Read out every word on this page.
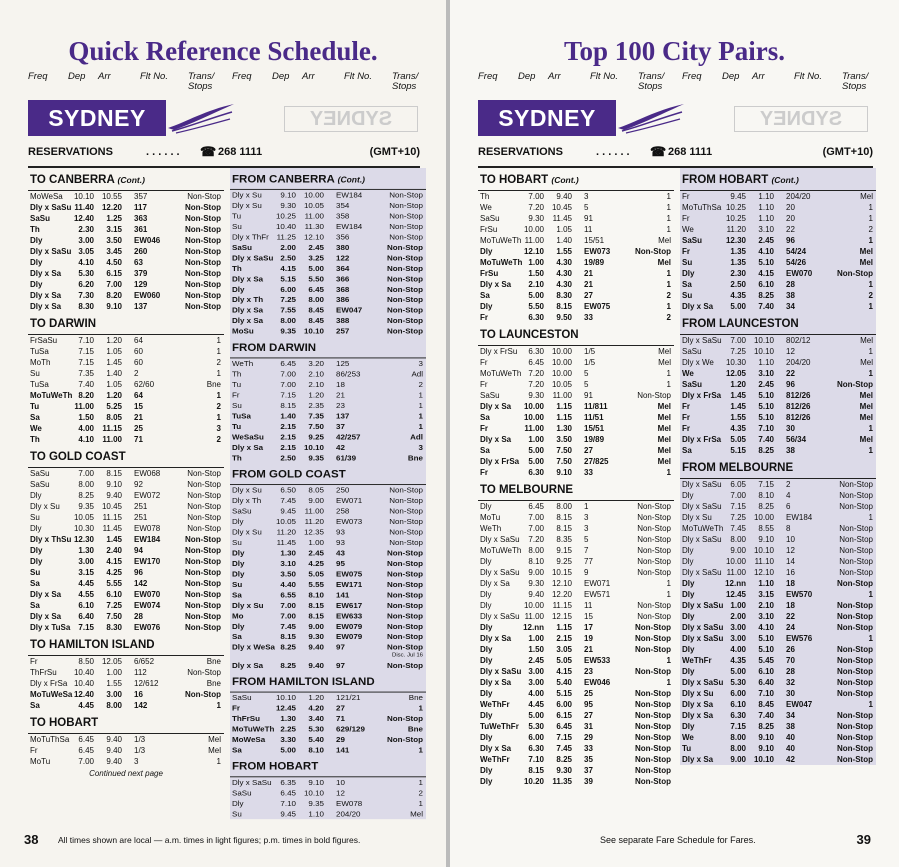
Quick Reference Schedule.
Freq Dep Arr	Flt No. Trans/ Stops
Freq Dep Arr	Flt No. Trans/ Stops
SYDNEY	SYDNEY
RESERVATIONS	. . . . . . ☎ 268 1111	(GMT+10)
TO CANBERRA (Cont.)
MoWeSa 10.10 10.55 357	Non-Stop
Dly x SaSu 11.40 12.20 117	Non-Stop
SaSu	12.40	1.25 363	Non-Stop
Th	2.30	3.15 361	Non-Stop
Dly	3.00	3.50 EW046	Non-Stop
Dly x SaSu 3.05	3.45 260	Non-Stop
Dly	4.10	4.50 63	Non-Stop
Dly x Sa	5.30	6.15 379	Non-Stop
Dly	6.20	7.00 129	Non-Stop
Dly x Sa	7.30	8.20 EW060	Non-Stop
Dly x Sa	8.30	9.10 137	Non-Stop
TO DARWIN
FrSaSu	7.10	1.20 64	1
TuSa	7.15	1.05 60	1
MoTh	7.15	1.45 60	2
Su	7.35	1.40 2	1
TuSa	7.40	1.05 62/60	Bne
MoTuWeTh 8.20	1.20 64	1
Tu	11.00	5.25 15	2
Sa	1.50	8.05 21	1
We	4.00	11.15 25	3
Th	4.10	11.00 71	2
TO GOLD COAST
SaSu	7.00	8.15 EW068	Non-Stop
SaSu	8.00	9.10 92	Non-Stop
Dly	8.25	9.40 EW072	Non-Stop
Dly x Su	9.35 10.45 251	Non-Stop
Su	10.05	11.15 251	Non-Stop
Dly	10.30	11.45 EW078	Non-Stop
Dly x ThSu 12.30	1.45 EW184	Non-Stop
Dly	1.30	2.40 94	Non-Stop
Dly	3.00	4.15 EW170	Non-Stop
Su	3.15	4.25 96	Non-Stop
Sa	4.45	5.55 142	Non-Stop
Dly x Sa	4.55	6.10 EW070	Non-Stop
Sa	6.10	7.25 EW074	Non-Stop
Dly x Sa	6.40	7.50 28	Non-Stop
Dly x TuSa	7.15	8.30 EW076	Non-Stop
TO HAMILTON ISLAND
Fr	8.50 12.05 6/652	Bne
ThFrSu 10.40	1.00 112	Non-Stop
Dly x FrSa 10.40	1.55 12/612	Bne
MoTuWeSa 12.40	3.00 16	Non-Stop
Sa	4.45	8.00 142	1
TO HOBART
MoTuThSa	6.45	9.40 1/3	Mel
Fr	6.45	9.40 1/3	Mel
MoTu	7.00	9.40 3	1
Continued next page
FROM CANBERRA (Cont.)
Dly x Su	9.10 10.00 EW184	Non-Stop
Dly x Su	9.30 10.05 354	Non-Stop
Tu	10.25	11.00 358	Non-Stop
Su	10.40	11.30 EW184	Non-Stop
Dly x ThFr 11.25 12.10 356	Non-Stop
SaSu	2.00	2.45 380	Non-Stop
Dly x SaSu 2.50	3.25 122	Non-Stop
Th	4.15	5.00 364	Non-Stop
Dly x Sa	5.15	5.50 366	Non-Stop
Dly	6.00	6.45 368	Non-Stop
Dly x Th	7.25	8.00 386	Non-Stop
Dly x Sa	7.55	8.45 EW047	Non-Stop
Dly x Sa	8.00	8.45 388	Non-Stop
MoSu	9.35 10.10 257	Non-Stop
FROM DARWIN
WeTh	6.45	3.20 125	3
Th	7.00	2.10 86/253	Adl
Tu	7.00	2.10 18	2
Fr	7.15	1.20 21	1
Su	8.15	2.35 23	1
TuSa	1.40	7.35 137	1
Tu	2.15	7.50 37	1
WeSaSu	2.15	9.25 42/257	Adl
Dly x Sa	2.15 10.10 42	3
Th	2.50	9.35 61/39	Bne
FROM GOLD COAST
Dly x Su	6.50	8.05 250	Non-Stop
Dly x Th	7.45	9.00 EW071	Non-Stop
SaSu	9.45	11.00 258	Non-Stop
Dly	10.05	11.20 EW073	Non-Stop
Dly x Su	11.20 12.35 93	Non-Stop
Su	11.45	1.00 93	Non-Stop
Dly	1.30	2.45 43	Non-Stop
Dly	3.10	4.25 95	Non-Stop
Dly	3.50	5.05 EW075	Non-Stop
Su	4.40	5.55 EW171	Non-Stop
Sa	6.55	8.10 141	Non-Stop
Dly x Su	7.00	8.15 EW617	Non-Stop
Mo	7.00	8.15 EW633	Non-Stop
Dly	7.45	9.00 EW079	Non-Stop
Sa	8.15	9.30 EW079	Non-Stop
Dly x WeSa 8.25	9.40 97	Non-Stop
Disc. Jul 16
Dly x Sa	8.25	9.40 97	Non-Stop
FROM HAMILTON ISLAND
SaSu	10.10	1.20 121/21	Bne
Fr	12.45	4.20 27	1
ThFrSu	1.30	3.40 71	Non-Stop
MoTuWeTh 2.25	5.30 629/129	Bne
MoWeSa	3.30	5.40 29	Non-Stop
Sa	5.00	8.10 141	1
FROM HOBART
Dly x SaSu	6.35	9.10 10	1
SaSu	6.45 10.10 12	2
Dly	7.10	9.35 EW078	1
Su	9.45	1.10 204/20	Mel
38 All times shown are local — a.m. times in light figures; p.m. times in bold figures.
Top 100 City Pairs.
Freq Dep Arr	Flt No. Trans/ Stops
Freq Dep Arr	Flt No. Trans/ Stops
SYDNEY	SYDNEY
RESERVATIONS	. . . . . . ☎ 268 1111	(GMT+10)
TO HOBART (Cont.)
Th	7.00	9.40 3	1
We	7.20 10.45 5	1
SaSu	9.30	11.45 91	1
FrSu	10.00	1.05 11	1
MoTuWeTh 11.00	1.40 15/51	Mel
Dly	12.10	1.55 EW073	Non-Stop
MoTuWeTh 1.00	4.30 19/89	Mel
FrSu	1.50	4.30 21	1
Dly x Sa	2.10	4.30 21	1
Sa	5.00	8.30 27	2
Dly	5.50	8.15 EW075	1
Fr	6.30	9.50 33	2
TO LAUNCESTON
Dly x FrSu	6.30 10.00 1/5	Mel
Fr	6.45 10.00 1/5	Mel
MoTuWeTh 7.20 10.00 5	1
Fr	7.20 10.05 5	1
SaSu	9.30	11.00 91	Non-Stop
Dly x Sa 10.00	1.15 11/811	Mel
Sa	10.00	1.15 11/51	Mel
Fr	11.00	1.30 15/51	Mel
Dly x Sa	1.00	3.50 19/89	Mel
Sa	5.00	7.50 27	Mel
Dly x FrSa	5.00	7.50 27/825	Mel
Fr	6.30	9.10 33	1
TO MELBOURNE
Dly	6.45	8.00 1	Non-Stop
MoTu	7.00	8.15 3	Non-Stop
WeTh	7.00	8.15 3	Non-Stop
Dly x SaSu	7.20	8.35 5	Non-Stop
MoTuWeTh 8.00	9.15 7	Non-Stop
Dly	8.10	9.25 77	Non-Stop
Dly x SaSu	9.00 10.15 9	Non-Stop
Dly x Sa	9.30 12.10 EW071	1
Dly	9.40 12.20 EW571	1
Dly	10.00	11.15 11	Non-Stop
Dly x SaSu 11.00 12.15 15	Non-Stop
Dly	12.nn	1.15 17	Non-Stop
Dly x Sa	1.00	2.15 19	Non-Stop
Dly	1.50	3.05 21	Non-Stop
Dly	2.45	5.05 EW533	1
Dly x SaSu 3.00	4.15 23	Non-Stop
Dly x Sa	3.00	5.40 EW046	1
Dly	4.00	5.15 25	Non-Stop
WeThFr	4.45	6.00 95	Non-Stop
Dly	5.00	6.15 27	Non-Stop
TuWeThFr	5.30	6.45 31	Non-Stop
Dly	6.00	7.15 29	Non-Stop
Dly x Sa	6.30	7.45 33	Non-Stop
WeThFr	7.10	8.25 35	Non-Stop
Dly	8.15	9.30 37	Non-Stop
Dly	10.20	11.35 39	Non-Stop
FROM HOBART (Cont.)
Fr	9.45	1.10 204/20	Mel
MoTuThSa 10.25	1.10 20	1
Fr	10.25	1.10 20	1
We	11.20	3.10 22	2
SaSu	12.30	2.45 96	1
Fr	1.35	4.10 54/24	Mel
Su	1.35	5.10 54/26	Mel
Dly	2.30	4.15 EW070	Non-Stop
Sa	2.50	6.10 28	1
Su	4.35	8.25 38	2
Dly x Sa	5.00	7.40 34	1
FROM LAUNCESTON
Dly x SaSu	7.00 10.10 802/12	Mel
SaSu	7.25 10.10 12	1
Dly x We 10.30	1.10 204/20	Mel
We	12.05	3.10 22	1
SaSu	1.20	2.45 96	Non-Stop
Dly x FrSa	1.45	5.10 812/26	Mel
Fr	1.45	5.10 812/26	Mel
Fr	1.55	5.10 812/26	Mel
Fr	4.35	7.10 30	1
Dly x FrSa	5.05	7.40 56/34	Mel
Sa	5.15	8.25 38	1
FROM MELBOURNE
Dly x SaSu	6.05	7.15 2	Non-Stop
Dly	7.00	8.10 4	Non-Stop
Dly x SaSu	7.15	8.25 6	Non-Stop
Dly x Su	7.25 10.00 EW184	1
MoTuWeTh 7.45	8.55 8	Non-Stop
Dly x SaSu	8.00	9.10 10	Non-Stop
Dly	9.00 10.10 12	Non-Stop
Dly	10.00	11.10 14	Non-Stop
Dly x SaSu 11.00 12.10 16	Non-Stop
Dly	12.nn	1.10 18	Non-Stop
Dly	12.45	3.15 EW570	1
Dly x SaSu 1.00	2.10 18	Non-Stop
Dly	2.00	3.10 22	Non-Stop
Dly x SaSu 3.00	4.10 24	Non-Stop
Dly x SaSu 3.00	5.10 EW576	1
Dly	4.00	5.10 26	Non-Stop
WeThFr	4.35	5.45 70	Non-Stop
Dly	5.00	6.10 28	Non-Stop
Dly x SaSu 5.30	6.40 32	Non-Stop
Dly x Su	6.00	7.10 30	Non-Stop
Dly x Sa	6.10	8.45 EW047	1
Dly x Sa	6.30	7.40 34	Non-Stop
Dly	7.15	8.25 38	Non-Stop
We	8.00	9.10 40	Non-Stop
Tu	8.00	9.10 40	Non-Stop
Dly x Sa	9.00 10.10 42	Non-Stop
See separate Fare Schedule for Fares.	39
